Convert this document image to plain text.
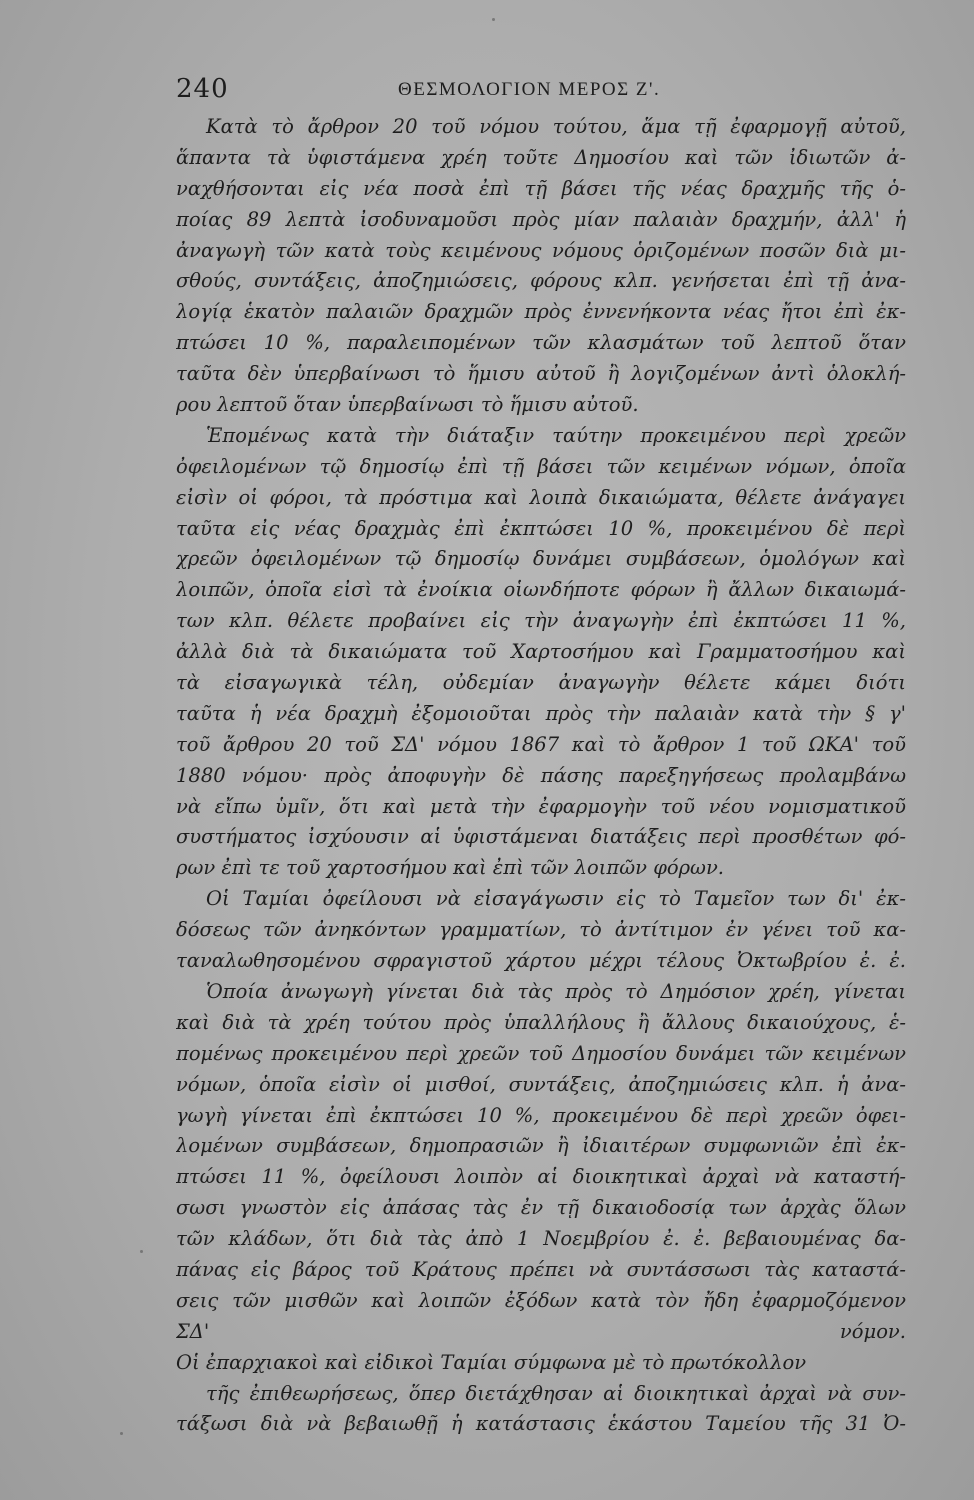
240	ΘΕΣΜΟΛΟΓΙΟΝ ΜΕΡΟΣ Ζ'.
Κατὰ τὸ ἄρθρον 20 τοῦ νόμου τούτου, ἅμα τῇ ἐφαρμογῇ αὐτοῦ,
ἅπαντα τὰ ὑφιστάμενα χρέη τοῦτε Δημοσίου καὶ τῶν ἰδιωτῶν ἀ-
ναχθήσονται εἰς νέα ποσὰ ἐπὶ τῇ βάσει τῆς νέας δραχμῆς τῆς ὁ-
ποίας 89 λεπτὰ ἰσοδυναμοῦσι πρὸς μίαν παλαιὰν δραχμήν, ἀλλ' ἡ
ἀναγωγὴ τῶν κατὰ τοὺς κειμένους νόμους ὁριζομένων ποσῶν διὰ μι-
σθούς, συντάξεις, ἀποζημιώσεις, φόρους κλπ. γενήσεται ἐπὶ τῇ ἀνα-
λογίᾳ ἑκατὸν παλαιῶν δραχμῶν πρὸς ἐννενήκοντα νέας ἤτοι ἐπὶ ἐκ-
πτώσει 10 %, παραλειπομένων τῶν κλασμάτων τοῦ λεπτοῦ ὅταν
ταῦτα δὲν ὑπερβαίνωσι τὸ ἥμισυ αὐτοῦ ἢ λογιζομένων ἀντὶ ὁλοκλή-
ρου λεπτοῦ ὅταν ὑπερβαίνωσι τὸ ἥμισυ αὐτοῦ.
Ἑπομένως κατὰ τὴν διάταξιν ταύτην προκειμένου περὶ χρεῶν
ὀφειλομένων τῷ δημοσίῳ ἐπὶ τῇ βάσει τῶν κειμένων νόμων, ὁποῖα
εἰσὶν οἱ φόροι, τὰ πρόστιμα καὶ λοιπὰ δικαιώματα, θέλετε ἀνάγαγει
ταῦτα εἰς νέας δραχμὰς ἐπὶ ἐκπτώσει 10 %, προκειμένου δὲ περὶ
χρεῶν ὀφειλομένων τῷ δημοσίῳ δυνάμει συμβάσεων, ὁμολόγων καὶ
λοιπῶν, ὁποῖα εἰσὶ τὰ ἐνοίκια οἱωνδήποτε φόρων ἢ ἄλλων δικαιωμά-
των κλπ. θέλετε προβαίνει εἰς τὴν ἀναγωγὴν ἐπὶ ἐκπτώσει 11 %,
ἀλλὰ διὰ τὰ δικαιώματα τοῦ Χαρτοσήμου καὶ Γραμματοσήμου καὶ
τὰ εἰσαγωγικὰ τέλη, οὐδεμίαν ἀναγωγὴν θέλετε κάμει διότι
ταῦτα ἡ νέα δραχμὴ ἐξομοιοῦται πρὸς τὴν παλαιὰν κατὰ τὴν § γ'
τοῦ ἄρθρου 20 τοῦ ΣΔ' νόμου 1867 καὶ τὸ ἄρθρον 1 τοῦ ΩΚΑ' τοῦ
1880 νόμου· πρὸς ἀποφυγὴν δὲ πάσης παρεξηγήσεως προλαμβάνω
νὰ εἴπω ὑμῖν, ὅτι καὶ μετὰ τὴν ἐφαρμογὴν τοῦ νέου νομισματικοῦ
συστήματος ἰσχύουσιν αἱ ὑφιστάμεναι διατάξεις περὶ προσθέτων φό-
ρων ἐπὶ τε τοῦ χαρτοσήμου καὶ ἐπὶ τῶν λοιπῶν φόρων.
Οἱ Ταμίαι ὀφείλουσι νὰ εἰσαγάγωσιν εἰς τὸ Ταμεῖον των δι' ἐκ-
δόσεως τῶν ἀνηκόντων γραμματίων, τὸ ἀντίτιμον ἐν γένει τοῦ κα-
ταναλωθησομένου σφραγιστοῦ χάρτου μέχρι τέλους Ὀκτωβρίου ἐ. ἐ.
Ὁποία ἀνωγωγὴ γίνεται διὰ τὰς πρὸς τὸ Δημόσιον χρέη, γίνεται
καὶ διὰ τὰ χρέη τούτου πρὸς ὑπαλλήλους ἢ ἄλλους δικαιούχους, ἑ-
πομένως προκειμένου περὶ χρεῶν τοῦ Δημοσίου δυνάμει τῶν κειμένων
νόμων, ὁποῖα εἰσὶν οἱ μισθοί, συντάξεις, ἀποζημιώσεις κλπ. ἡ ἀνα-
γωγὴ γίνεται ἐπὶ ἐκπτώσει 10 %, προκειμένου δὲ περὶ χρεῶν ὀφει-
λομένων συμβάσεων, δημοπρασιῶν ἢ ἰδιαιτέρων συμφωνιῶν ἐπὶ ἐκ-
πτώσει 11 %, ὀφείλουσι λοιπὸν αἱ διοικητικαὶ ἀρχαὶ νὰ καταστή-
σωσι γνωστὸν εἰς ἀπάσας τὰς ἐν τῇ δικαιοδοσίᾳ των ἀρχὰς ὅλων
τῶν κλάδων, ὅτι διὰ τὰς ἀπὸ 1 Νοεμβρίου ἐ. ἐ. βεβαιουμένας δα-
πάνας εἰς βάρος τοῦ Κράτους πρέπει νὰ συντάσσωσι τὰς καταστά-
σεις τῶν μισθῶν καὶ λοιπῶν ἐξόδων κατὰ τὸν ἤδη ἐφαρμοζόμενον
ΣΔ' νόμον.
Οἱ ἐπαρχιακοὶ καὶ εἰδικοὶ Ταμίαι σύμφωνα μὲ τὸ πρωτόκολλον
τῆς ἐπιθεωρήσεως, ὅπερ διετάχθησαν αἱ διοικητικαὶ ἀρχαὶ νὰ συν-
τάξωσι διὰ νὰ βεβαιωθῇ ἡ κατάστασις ἑκάστου Ταμείου τῆς 31 Ὀ-
